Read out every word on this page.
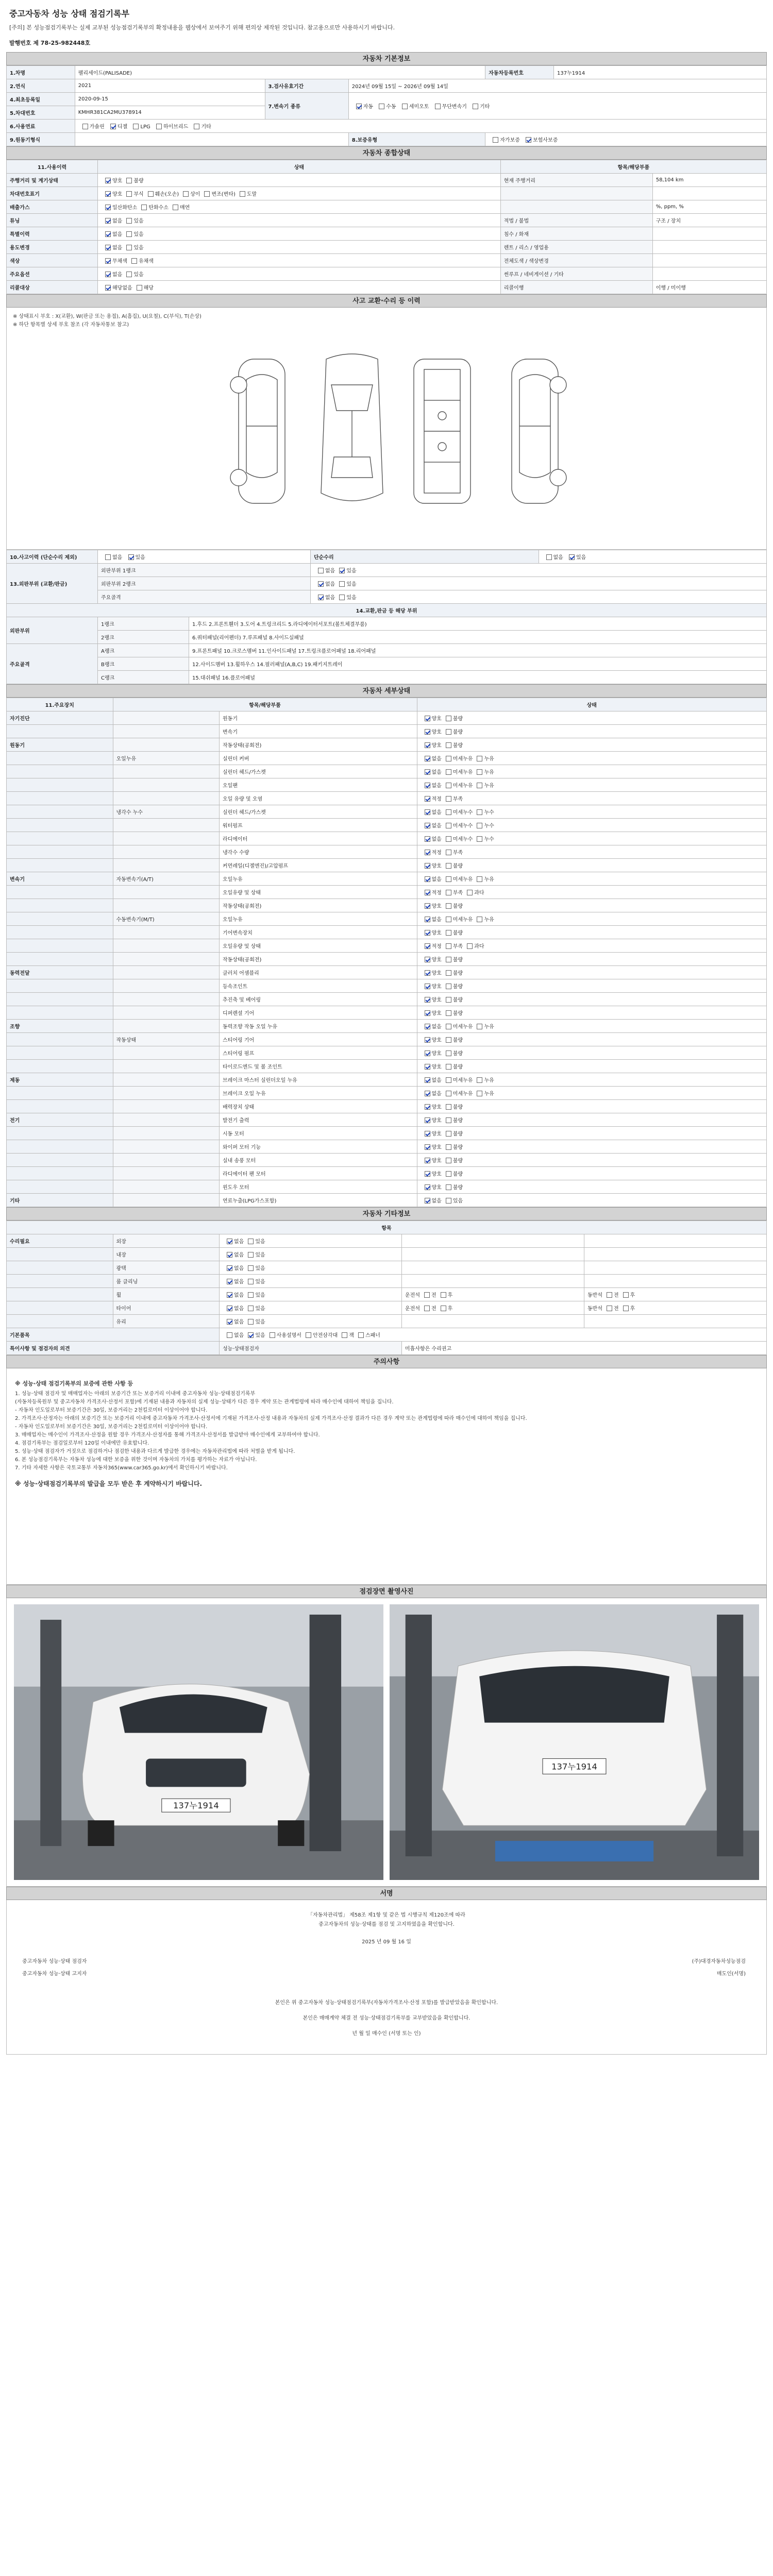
중고자동차 성능 상태 점검기록부
[주의] 본 성능점검기록부는 실제 교부된 성능점검기록부의 확정내용을 웹상에서 보여주기 위해 편의상 제작된 것입니다. 참고용으로만 사용하시기 바랍니다.
발행번호 제 78-25-982448호
자동차 기본정보
1.차명	팰리세이드(PALISADE)			자동차등록번호	137누1914
2.연식	2021	3.검사유효기간	2024년 09월 15일 ~ 2026년 09월 14일		
4.최초등록일	2020-09-15	7.변속기 종류	자동 수동 세미오토 무단변속기 기타		
5.차대번호	KMHR381CA2MU378914				
6.사용연료	가솔린 디젤 LPG 하이브리드 기타				
9.원동기형식			8.보증유형	자가보증 보험사보증	
자동차 종합상태
11.사용이력	상태	항목/해당부품	
주행거리 및 계기상태	양호 불량	현재 주행거리	58,104 km
차대번호표기	양호 부식 훼손(오손) 상이 변조(변타) 도말		
배출가스	일산화탄소 탄화수소 매연		%, ppm, %
튜닝	없음 있음	적법 / 불법	구조 / 장치
특별이력	없음 있음	침수 / 화재	
용도변경	없음 있음	렌트 / 리스 / 영업용	
색상	무채색 유채색	전체도색 / 색상변경	
주요옵션	없음 있음	썬루프 / 네비게이션 / 기타	
리콜대상	해당없음 해당	리콜이행	이행 / 미이행
사고 교환·수리 등 이력
※ 상태표시 부호 : X(교환), W(판금 또는 용접), A(흠집), U(요철), C(부식), T(손상)
※ 하단 항목별 상세 부호 참조 (각 자동차통보 참고)
10.사고이력 (단순수리 제외)	없음 있음		단순수리	없음 있음
13.외판부위 (교환/판금)	외판부위 1랭크		없음 있음	
	외판부위 2랭크		없음 있음	
	주요골격		없음 있음	
14.교환,판금 등 해당 부위				
외판부위	1랭크	1.후드 2.프론트휀더 3.도어 4.트렁크리드 5.라디에이터서포트(볼트체결부품)		
	2랭크	6.쿼터패널(리어펜더) 7.루프패널 8.사이드실패널		
주요골격	A랭크	9.프론트패널 10.크로스멤버 11.인사이드패널 17.트렁크플로어패널 18.리어패널		
	B랭크	12.사이드멤버 13.휠하우스 14.필러패널(A,B,C) 19.패키지트레이		
	C랭크	15.대쉬패널 16.플로어패널		
자동차 세부상태
11.주요장치	항목/해당부품		상태
자기진단		원동기	양호 불량
		변속기	양호 불량
원동기		작동상태(공회전)	양호 불량
	오일누유	실린더 커버	없음 미세누유 누유
		실린더 헤드/가스켓	없음 미세누유 누유
		오일팬	없음 미세누유 누유
		오일 유량 및 오염	적정 부족
	냉각수 누수	실린더 헤드/가스켓	없음 미세누수 누수
		워터펌프	없음 미세누수 누수
		라디에이터	없음 미세누수 누수
		냉각수 수량	적정 부족
		커먼레일(디젤엔진)/고압펌프	양호 불량
변속기	자동변속기(A/T)	오일누유	없음 미세누유 누유
		오일유량 및 상태	적정 부족 과다
		작동상태(공회전)	양호 불량
	수동변속기(M/T)	오일누유	없음 미세누유 누유
		기어변속장치	양호 불량
		오일유량 및 상태	적정 부족 과다
		작동상태(공회전)	양호 불량
동력전달		클러치 어셈블리	양호 불량
		등속조인트	양호 불량
		추진축 및 베어링	양호 불량
		디퍼렌셜 기어	양호 불량
조향		동력조향 작동 오일 누유	없음 미세누유 누유
	작동상태	스티어링 기어	양호 불량
		스티어링 펌프	양호 불량
		타이로드엔드 및 볼 조인트	양호 불량
제동		브레이크 마스터 실린더오일 누유	없음 미세누유 누유
		브레이크 오일 누유	없음 미세누유 누유
		배력장치 상태	양호 불량
전기		발전기 출력	양호 불량
		시동 모터	양호 불량
		와이퍼 모터 기능	양호 불량
		실내 송풍 모터	양호 불량
		라디에이터 팬 모터	양호 불량
		윈도우 모터	양호 불량
기타		연료누출(LPG가스포함)	없음 있음
자동차 기타정보
항목				
수리필요	외장	없음 있음		
	내장	없음 있음		
	광택	없음 있음		
	룸 클리닝	없음 있음		
	휠	없음 있음	운전석 전 후	동반석 전 후
	타이어	없음 있음	운전석 전 후	동반석 전 후
	유리	없음 있음		
기본품목		없음 있음 사용설명서 안전삼각대 잭 스패너		
특이사항 및 점검자의 의견		성능·상태점검자	미흡사항은 수리권고	
주의사항
※ 성능·상태 점검기록부의 보증에 관한 사항 등
1. 성능·상태 점검자 및 매매업자는 아래의 보증기간 또는 보증거리 이내에 중고자동차 성능·상태점검기록부
(자동차등록원부 및 중고자동차 가격조사·산정서 포함)에 기재된 내용과 자동차의 실제 성능·상태가 다른 경우 계약 또는 관계법령에 따라 매수인에 대하여 책임을 집니다.
- 자동차 인도일로부터 보증기간은 30일, 보증거리는 2천킬로미터 이상이어야 합니다.
2. 가격조사·산정자는 아래의 보증기간 또는 보증거리 이내에 중고자동차 가격조사·산정서에 기재된 가격조사·산정 내용과 자동차의 실제 가격조사·산정 결과가 다른 경우 계약 또는 관계법령에 따라 매수인에 대하여 책임을 집니다.
- 자동차 인도일로부터 보증기간은 30일, 보증거리는 2천킬로미터 이상이어야 합니다.
3. 매매업자는 매수인이 가격조사·산정을 원할 경우 가격조사·산정자를 통해 가격조사·산정서를 발급받아 매수인에게 교부하여야 합니다.
4. 점검기록부는 점검일로부터 120일 이내에만 유효합니다.
5. 성능·상태 점검자가 거짓으로 점검하거나 점검한 내용과 다르게 발급한 경우에는 자동차관리법에 따라 처벌을 받게 됩니다.
6. 본 성능점검기록부는 자동차 성능에 대한 보증을 위한 것이며 자동차의 가치를 평가하는 자료가 아닙니다.
7. 기타 자세한 사항은 국토교통부 자동차365(www.car365.go.kr)에서 확인하시기 바랍니다.
※ 성능·상태점검기록부의 발급을 모두 받은 후 계약하시기 바랍니다.
점검장면 촬영사진
137누1914
137누1914
서명
「자동차관리법」 제58조 제1항 및 같은 법 시행규칙 제120조에 따라
중고자동차의 성능·상태를 점검 및 고지하였음을 확인합니다.
2025 년 09 월 16 일
중고자동차 성능·상태 점검자	(주)대경자동차성능점검
중고자동차 성능·상태 고지자	매도인(서명)
본인은 위 중고자동차 성능·상태점검기록부(자동차가격조사·산정 포함)를 발급받았음을 확인합니다.
본인은 매매계약 체결 전 성능·상태점검기록부를 교부받았음을 확인합니다.
년 월 일 매수인 (서명 또는 인)
